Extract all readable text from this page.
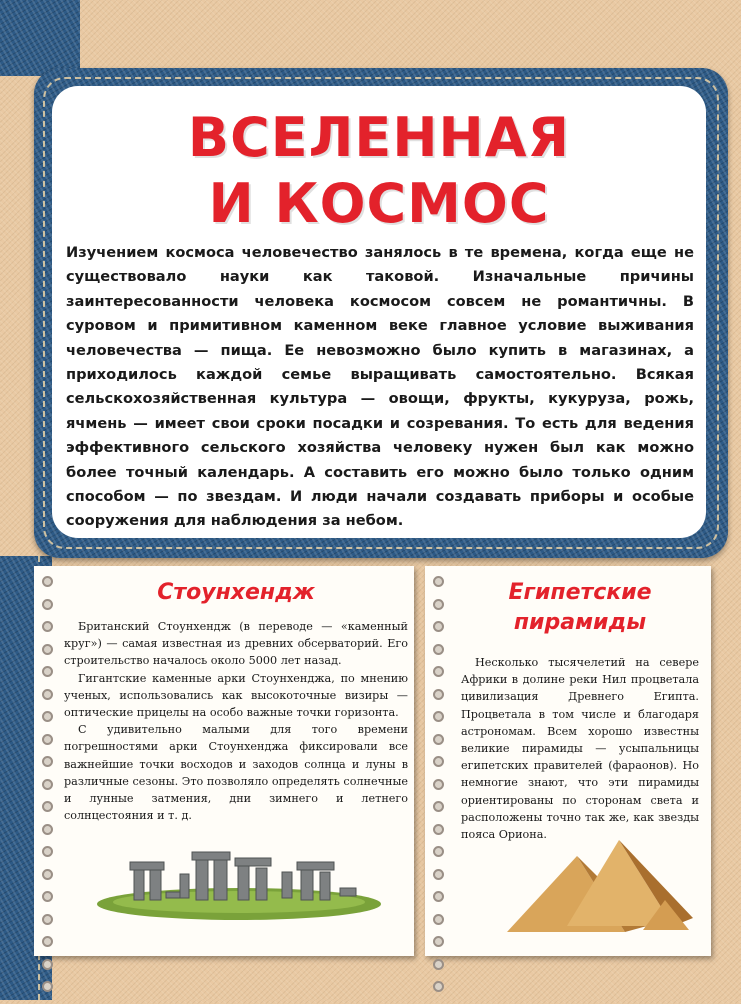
ВСЕЛЕННАЯ
И КОСМОС

Изучением космоса человечество занялось в те времена, когда еще не существовало науки как таковой. Изначальные причины заинтересованности человека космосом совсем не романтичны. В суровом и примитивном каменном веке главное условие выживания человечества — пища. Ее невозможно было купить в магазинах, а приходилось каждой семье выращивать самостоятельно. Всякая сельскохозяйственная культура — овощи, фрукты, кукуруза, рожь, ячмень — имеет свои сроки посадки и созревания. То есть для ведения эффективного сельского хозяйства человеку нужен был как можно более точный календарь. А составить его можно было только одним способом — по звездам. И люди начали создавать приборы и особые сооружения для наблюдения за небом.

Стоунхендж

Британский Стоунхендж (в переводе — «каменный круг») — самая известная из древних обсерваторий. Его строительство началось около 5000 лет назад.

Гигантские каменные арки Стоунхенджа, по мнению ученых, использовались как высокоточные визиры — оптические прицелы на особо важные точки горизонта.

С удивительно малыми для того времени погрешностями арки Стоунхенджа фиксировали все важнейшие точки восходов и заходов солнца и луны в различные сезоны. Это позволяло определять солнечные и лунные затмения, дни зимнего и летнего солнцестояния и т. д.

Египетские
пирамиды

Несколько тысячелетий на севере Африки в долине реки Нил процветала цивилизация Древнего Египта. Процветала в том числе и благодаря астрономам. Всем хорошо известны великие пирамиды — усыпальницы египетских правителей (фараонов). Но немногие знают, что эти пирамиды ориентированы по сторонам света и расположены точно так же, как звезды пояса Ориона.
